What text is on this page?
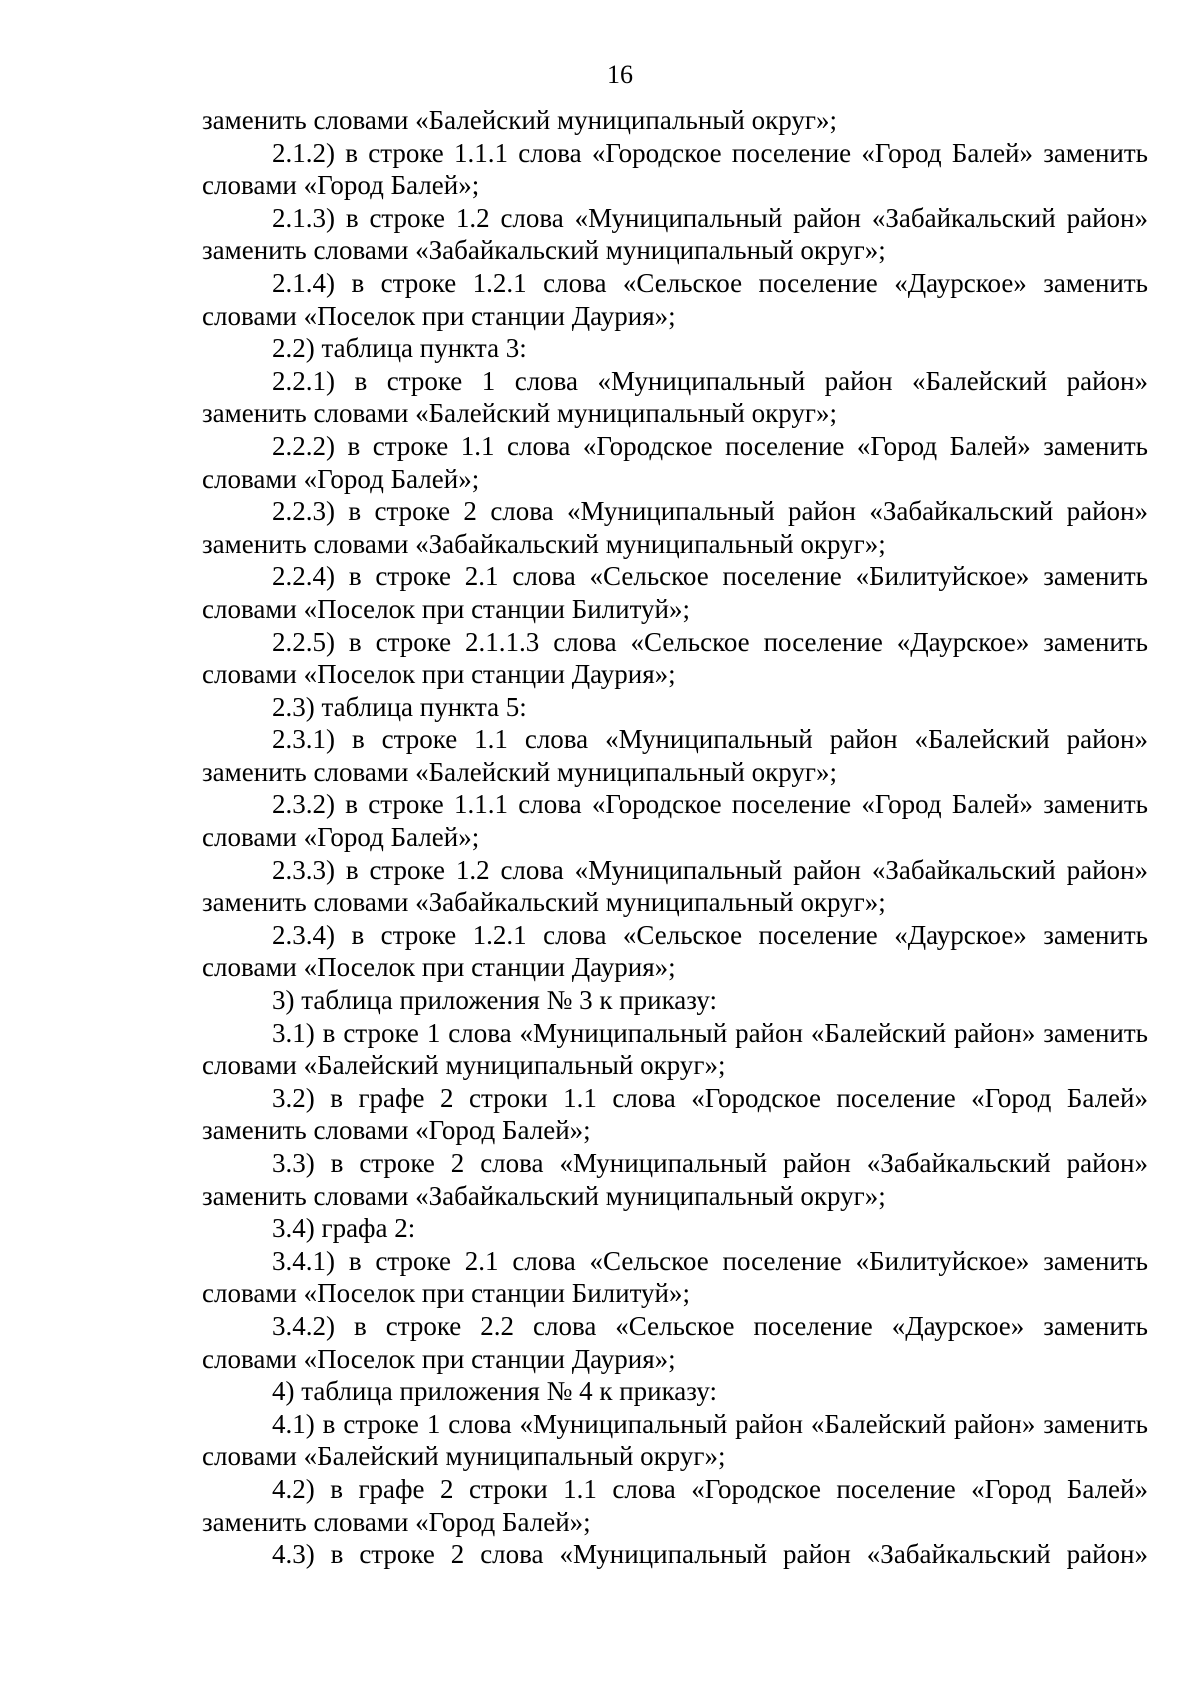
16

заменить словами «Балейский муниципальный округ»;

2.1.2) в строке 1.1.1 слова «Городское поселение «Город Балей» заменить словами «Город Балей»;

2.1.3) в строке 1.2 слова «Муниципальный район «Забайкальский район» заменить словами «Забайкальский муниципальный округ»;

2.1.4) в строке 1.2.1 слова «Сельское поселение «Даурское» заменить словами «Поселок при станции Даурия»;

2.2) таблица пункта 3:

2.2.1) в строке 1 слова «Муниципальный район «Балейский район» заменить словами «Балейский муниципальный округ»;

2.2.2) в строке 1.1 слова «Городское поселение «Город Балей» заменить словами «Город Балей»;

2.2.3) в строке 2 слова «Муниципальный район «Забайкальский район» заменить словами «Забайкальский муниципальный округ»;

2.2.4) в строке 2.1 слова «Сельское поселение «Билитуйское» заменить словами «Поселок при станции Билитуй»;

2.2.5) в строке 2.1.1.3 слова «Сельское поселение «Даурское» заменить словами «Поселок при станции Даурия»;

2.3) таблица пункта 5:

2.3.1) в строке 1.1 слова «Муниципальный район «Балейский район» заменить словами «Балейский муниципальный округ»;

2.3.2) в строке 1.1.1 слова «Городское поселение «Город Балей» заменить словами «Город Балей»;

2.3.3) в строке 1.2 слова «Муниципальный район «Забайкальский район» заменить словами «Забайкальский муниципальный округ»;

2.3.4) в строке 1.2.1 слова «Сельское поселение «Даурское» заменить словами «Поселок при станции Даурия»;

3) таблица приложения № 3 к приказу:

3.1) в строке 1 слова «Муниципальный район «Балейский район» заменить словами «Балейский муниципальный округ»;

3.2) в графе 2 строки 1.1 слова «Городское поселение «Город Балей» заменить словами «Город Балей»;

3.3) в строке 2 слова «Муниципальный район «Забайкальский район» заменить словами «Забайкальский муниципальный округ»;

3.4) графа 2:

3.4.1) в строке 2.1 слова «Сельское поселение «Билитуйское» заменить словами «Поселок при станции Билитуй»;

3.4.2) в строке 2.2 слова «Сельское поселение «Даурское» заменить словами «Поселок при станции Даурия»;

4) таблица приложения № 4 к приказу:

4.1) в строке 1 слова «Муниципальный район «Балейский район» заменить словами «Балейский муниципальный округ»;

4.2) в графе 2 строки 1.1 слова «Городское поселение «Город Балей» заменить словами «Город Балей»;

4.3) в строке 2 слова «Муниципальный район «Забайкальский район»
